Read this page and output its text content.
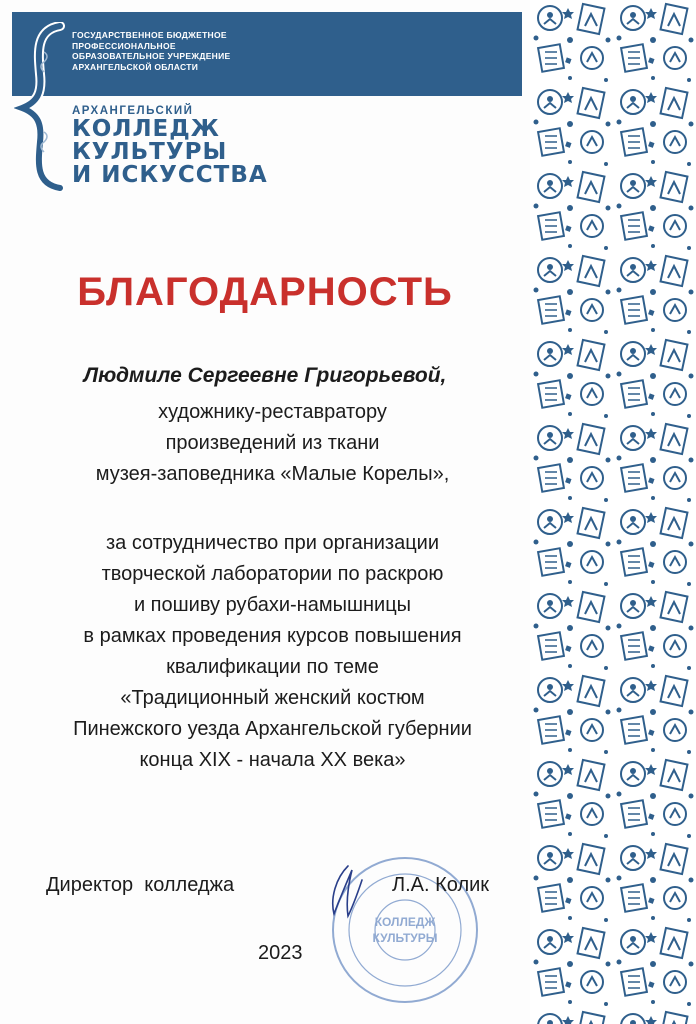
ГОСУДАРСТВЕННОЕ БЮДЖЕТНОЕ
ПРОФЕССИОНАЛЬНОЕ
ОБРАЗОВАТЕЛЬНОЕ УЧРЕЖДЕНИЕ
АРХАНГЕЛЬСКОЙ ОБЛАСТИ
АРХАНГЕЛЬСКИЙ
КОЛЛЕДЖ
КУЛЬТУРЫ
И ИСКУССТВА
БЛАГОДАРНОСТЬ
Людмиле Сергеевне Григорьевой,
художнику-реставратору
произведений из ткани
музея-заповедника «Малые Корелы»,
за сотрудничество при организации
творческой лаборатории по раскрою
и пошиву рубахи-намышницы
в рамках проведения курсов повышения
квалификации по теме
«Традиционный женский костюм
Пинежского уезда Архангельской губернии
конца XIX - начала XX века»
КОЛЛЕДЖ
КУЛЬТУРЫ
Директор  колледжа	Л.А. Колик
2023
